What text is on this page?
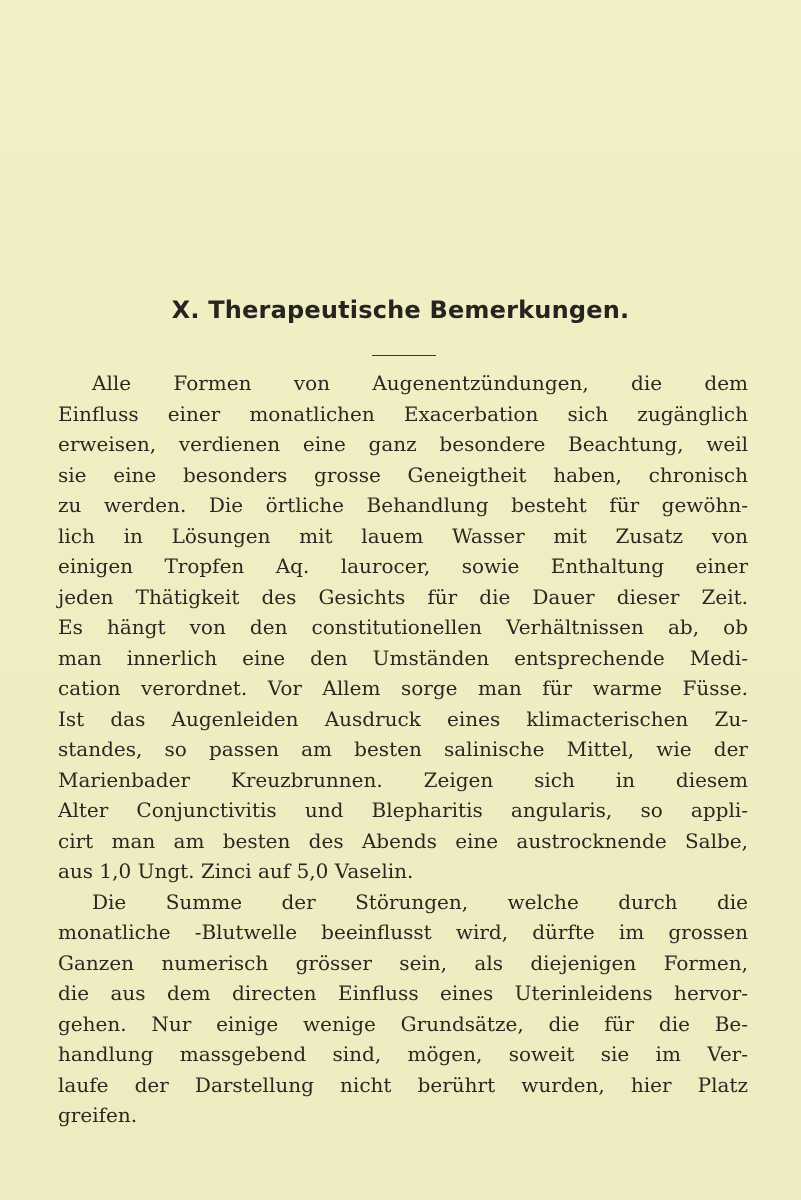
X. Therapeutische Bemerkungen.
Alle Formen von Augenentzündungen, die dem
Einfluss einer monatlichen Exacerbation sich zugänglich
erweisen, verdienen eine ganz besondere Beachtung, weil
sie eine besonders grosse Geneigtheit haben, chronisch
zu werden. Die örtliche Behandlung besteht für gewöhn-
lich in Lösungen mit lauem Wasser mit Zusatz von
einigen Tropfen Aq. laurocer, sowie Enthaltung einer
jeden Thätigkeit des Gesichts für die Dauer dieser Zeit.
Es hängt von den constitutionellen Verhältnissen ab, ob
man innerlich eine den Umständen entsprechende Medi-
cation verordnet. Vor Allem sorge man für warme Füsse.
Ist das Augenleiden Ausdruck eines klimacterischen Zu-
standes, so passen am besten salinische Mittel, wie der
Marienbader Kreuzbrunnen. Zeigen sich in diesem
Alter Conjunctivitis und Blepharitis angularis, so appli-
cirt man am besten des Abends eine austrocknende Salbe,
aus 1,0 Ungt. Zinci auf 5,0 Vaselin.
Die Summe der Störungen, welche durch die
monatliche -Blutwelle beeinflusst wird, dürfte im grossen
Ganzen numerisch grösser sein, als diejenigen Formen,
die aus dem directen Einfluss eines Uterinleidens hervor-
gehen. Nur einige wenige Grundsätze, die für die Be-
handlung massgebend sind, mögen, soweit sie im Ver-
laufe der Darstellung nicht berührt wurden, hier Platz
greifen.
